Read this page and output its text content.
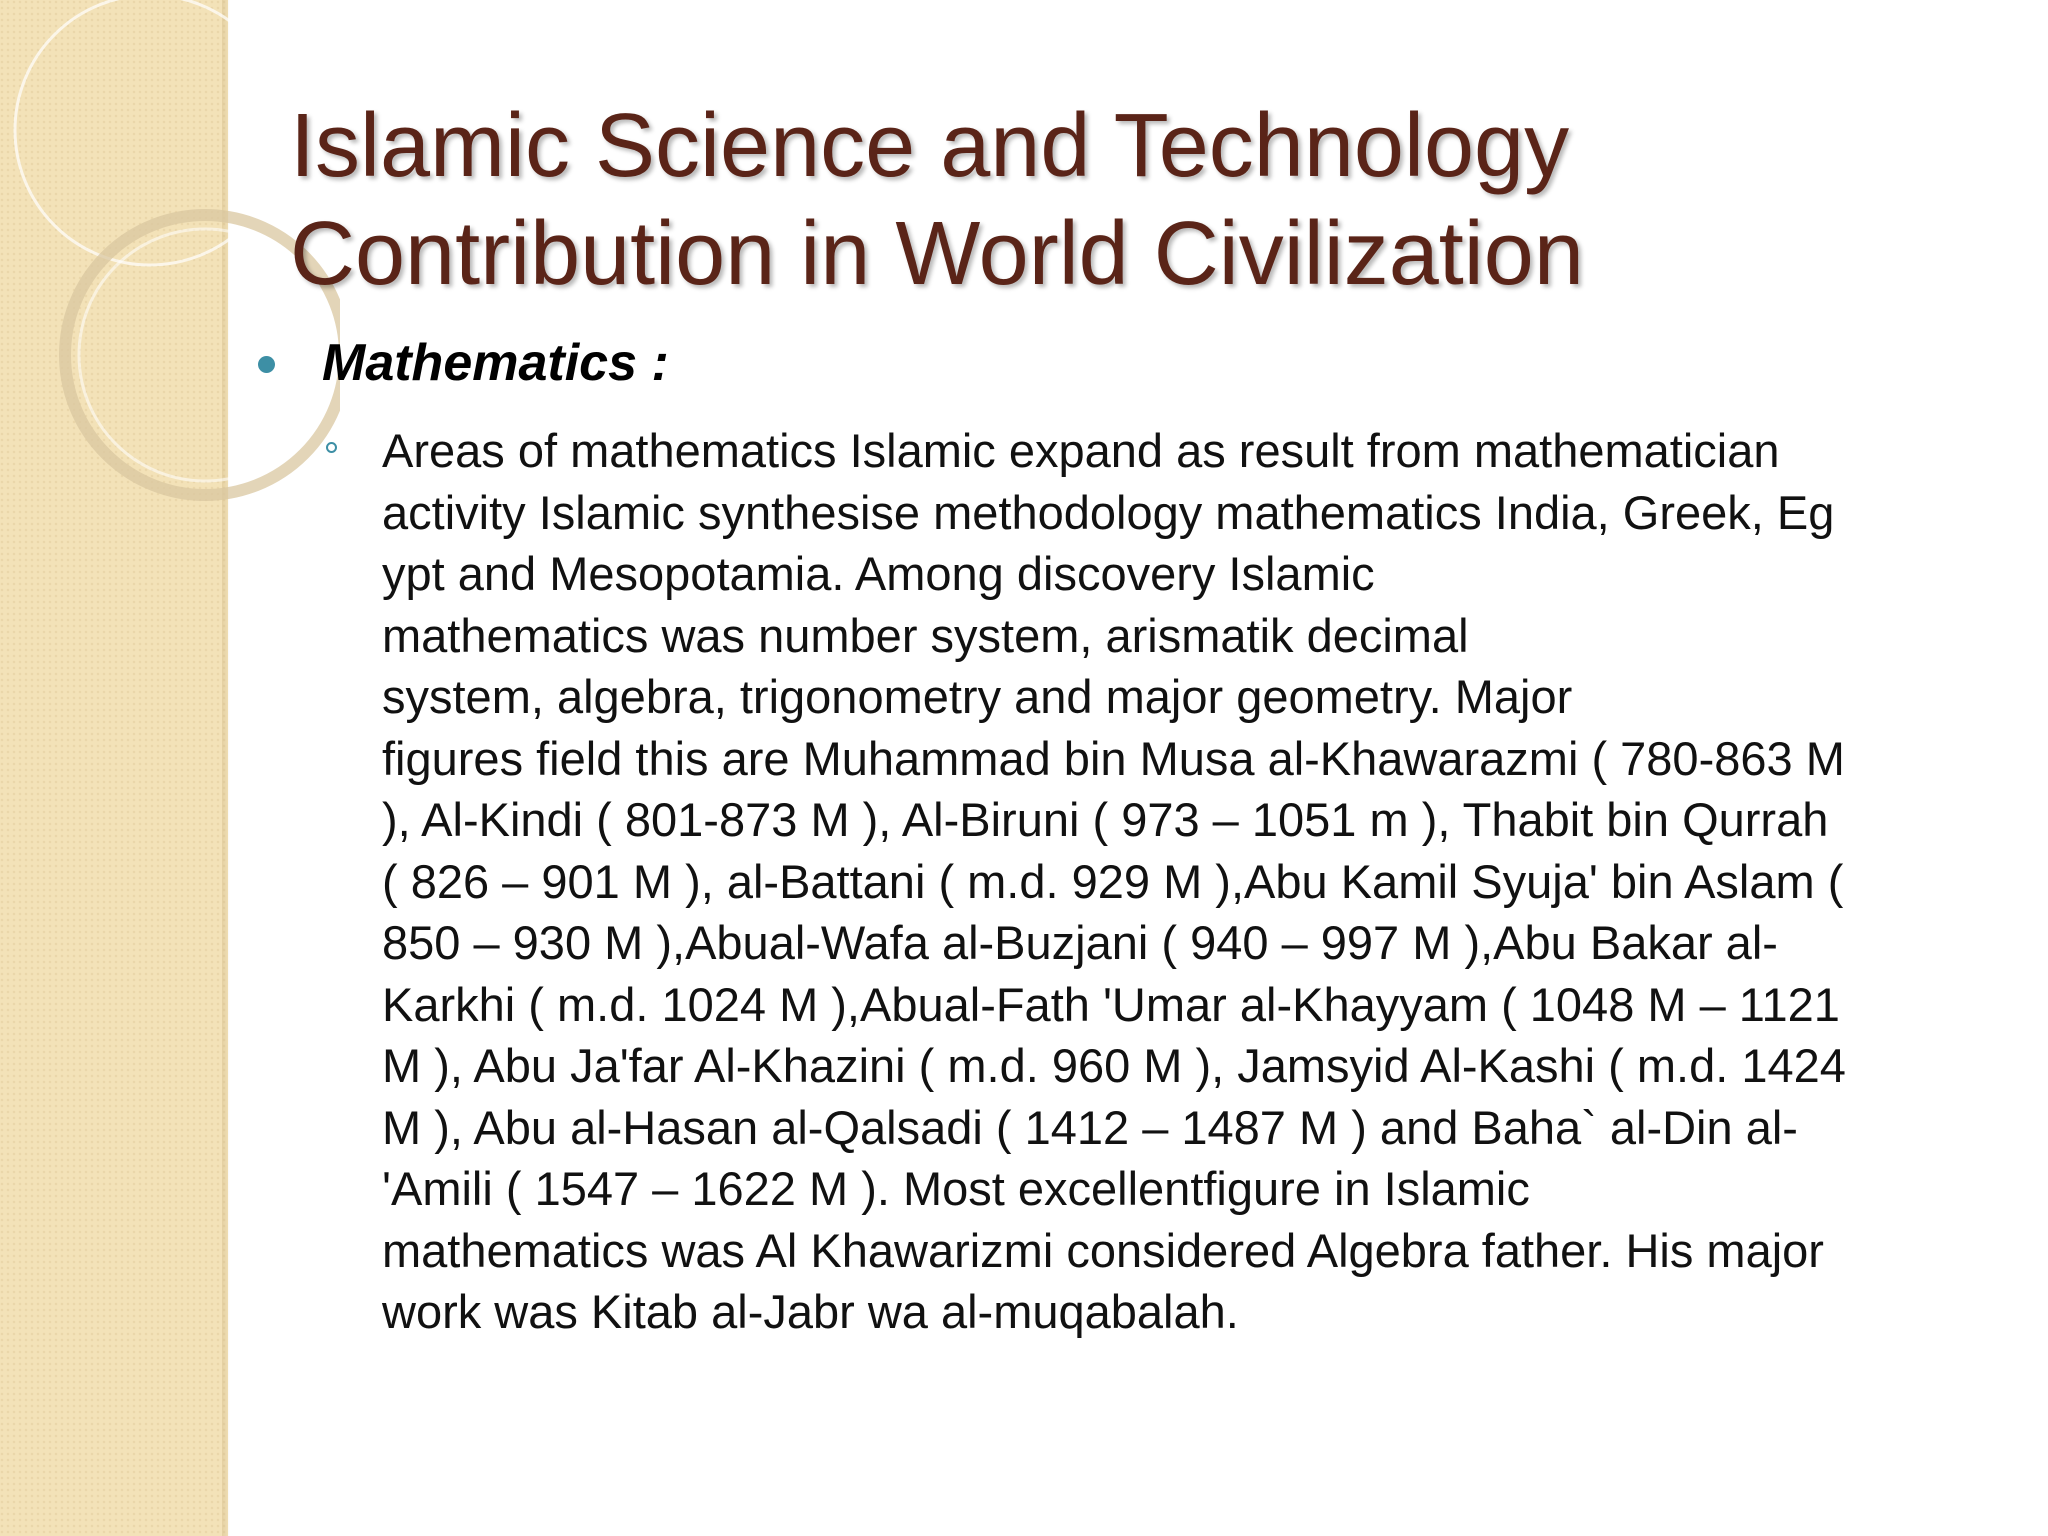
Islamic Science and Technology
Contribution in World Civilization

Mathematics :

Areas of mathematics Islamic expand as result from mathematician
activity Islamic synthesise methodology mathematics India, Greek, Eg
ypt and Mesopotamia. Among discovery Islamic
mathematics was number system, arismatik decimal
system, algebra, trigonometry and major geometry. Major
figures field this are Muhammad bin Musa al-Khawarazmi ( 780-863 M
), Al-Kindi ( 801-873 M ), Al-Biruni ( 973 – 1051 m ), Thabit bin Qurrah
( 826 – 901 M ), al-Battani ( m.d. 929 M ),Abu Kamil Syuja' bin Aslam (
850 – 930 M ),Abual-Wafa al-Buzjani ( 940 – 997 M ),Abu Bakar al-
Karkhi ( m.d. 1024 M ),Abual-Fath 'Umar al-Khayyam ( 1048 M – 1121
M ), Abu Ja'far Al-Khazini ( m.d. 960 M ), Jamsyid Al-Kashi ( m.d. 1424
M ), Abu al-Hasan al-Qalsadi ( 1412 – 1487 M ) and Baha` al-Din al-
'Amili ( 1547 – 1622 M ). Most excellentfigure in Islamic
mathematics was Al Khawarizmi considered Algebra father. His major
work was Kitab al-Jabr wa al-muqabalah.
